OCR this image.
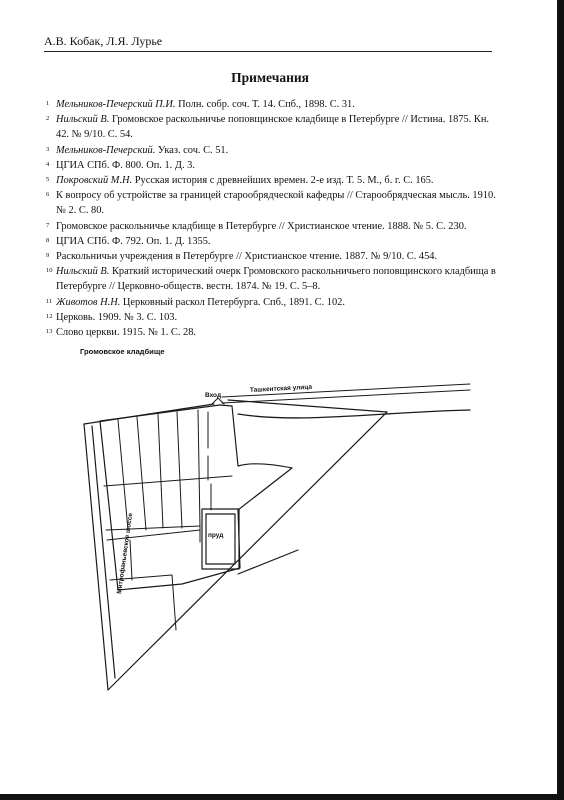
А.В. Кобак, Л.Я. Лурье
Примечания
1 Мельников-Печерский П.И. Полн. собр. соч. Т. 14. Спб., 1898. С. 31.
2 Нильский В. Громовское раскольничье поповщинское кладбище в Петербурге // Истина. 1875. Кн. 42. № 9/10. С. 54.
3 Мельников-Печерский. Указ. соч. С. 51.
4 ЦГИА СПб. Ф. 800. Оп. 1. Д. 3.
5 Покровский М.Н. Русская история с древнейших времен. 2-е изд. Т. 5. М., б. г. С. 165.
6 К вопросу об устройстве за границей старообрядческой кафедры // Старообрядческая мысль. 1910. № 2. С. 80.
7 Громовское раскольничье кладбище в Петербурге // Христианское чтение. 1888. № 5. С. 230.
8 ЦГИА СПб. Ф. 792. Оп. 1. Д. 1355.
9 Раскольничьи учреждения в Петербурге // Христианское чтение. 1887. № 9/10. С. 454.
10 Нильский В. Краткий исторический очерк Громовского раскольничьего поповщинского кладбища в Петербурге // Церковно-обществ. вестн. 1874. № 19. С. 5–8.
11 Животов Н.Н. Церковный раскол Петербурга. Спб., 1891. С. 102.
12 Церковь. 1909. № 3. С. 103.
13 Слово церкви. 1915. № 1. С. 28.
Громовское кладбище
Вход
Ташкентская улица
Митрофаньевское шоссе	пруд
